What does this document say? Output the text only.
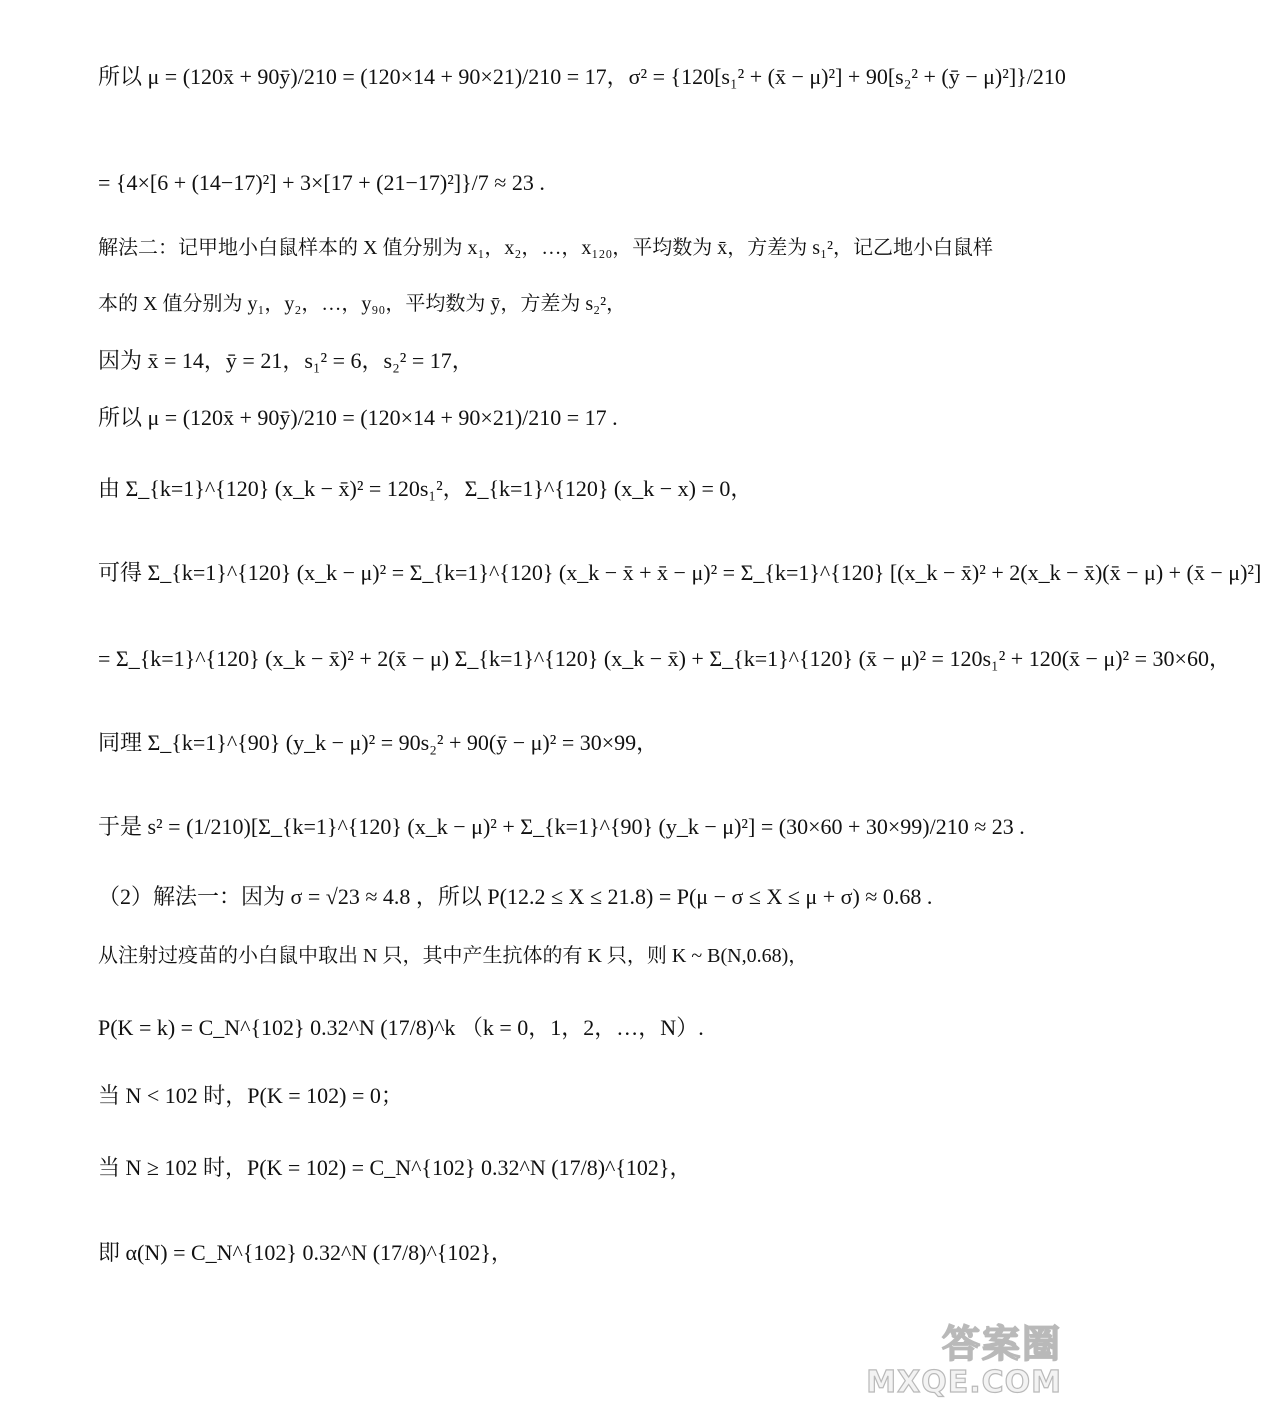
所以 μ = (120x̄ + 90ȳ)/210 = (120×14 + 90×21)/210 = 17，σ² = {120[s₁² + (x̄ − μ)²] + 90[s₂² + (ȳ − μ)²]}/210
= {4×[6 + (14−17)²] + 3×[17 + (21−17)²]}/7 ≈ 23 .
解法二：记甲地小白鼠样本的 X 值分别为 x₁，x₂，…，x₁₂₀，平均数为 x̄，方差为 s₁²，记乙地小白鼠样
本的 X 值分别为 y₁，y₂，…，y₉₀，平均数为 ȳ，方差为 s₂²，
因为 x̄ = 14，ȳ = 21，s₁² = 6，s₂² = 17，
所以 μ = (120x̄ + 90ȳ)/210 = (120×14 + 90×21)/210 = 17 .
由 Σ_{k=1}^{120} (x_k − x̄)² = 120s₁²，Σ_{k=1}^{120} (x_k − x) = 0，
可得 Σ_{k=1}^{120} (x_k − μ)² = Σ_{k=1}^{120} (x_k − x̄ + x̄ − μ)² = Σ_{k=1}^{120} [(x_k − x̄)² + 2(x_k − x̄)(x̄ − μ) + (x̄ − μ)²]
= Σ_{k=1}^{120} (x_k − x̄)² + 2(x̄ − μ) Σ_{k=1}^{120} (x_k − x̄) + Σ_{k=1}^{120} (x̄ − μ)² = 120s₁² + 120(x̄ − μ)² = 30×60，
同理 Σ_{k=1}^{90} (y_k − μ)² = 90s₂² + 90(ȳ − μ)² = 30×99，
于是 s² = (1/210)[Σ_{k=1}^{120} (x_k − μ)² + Σ_{k=1}^{90} (y_k − μ)²] = (30×60 + 30×99)/210 ≈ 23 .
（2）解法一：因为 σ = √23 ≈ 4.8 ，所以 P(12.2 ≤ X ≤ 21.8) = P(μ − σ ≤ X ≤ μ + σ) ≈ 0.68 .
从注射过疫苗的小白鼠中取出 N 只，其中产生抗体的有 K 只，则 K ~ B(N,0.68)，
P(K = k) = C_N^{102} 0.32^N (17/8)^k （k = 0，1，2，…，N）.
当 N < 102 时，P(K = 102) = 0；
当 N ≥ 102 时，P(K = 102) = C_N^{102} 0.32^N (17/8)^{102}，
即 α(N) = C_N^{102} 0.32^N (17/8)^{102}，
答案圈
MXQE.COM
